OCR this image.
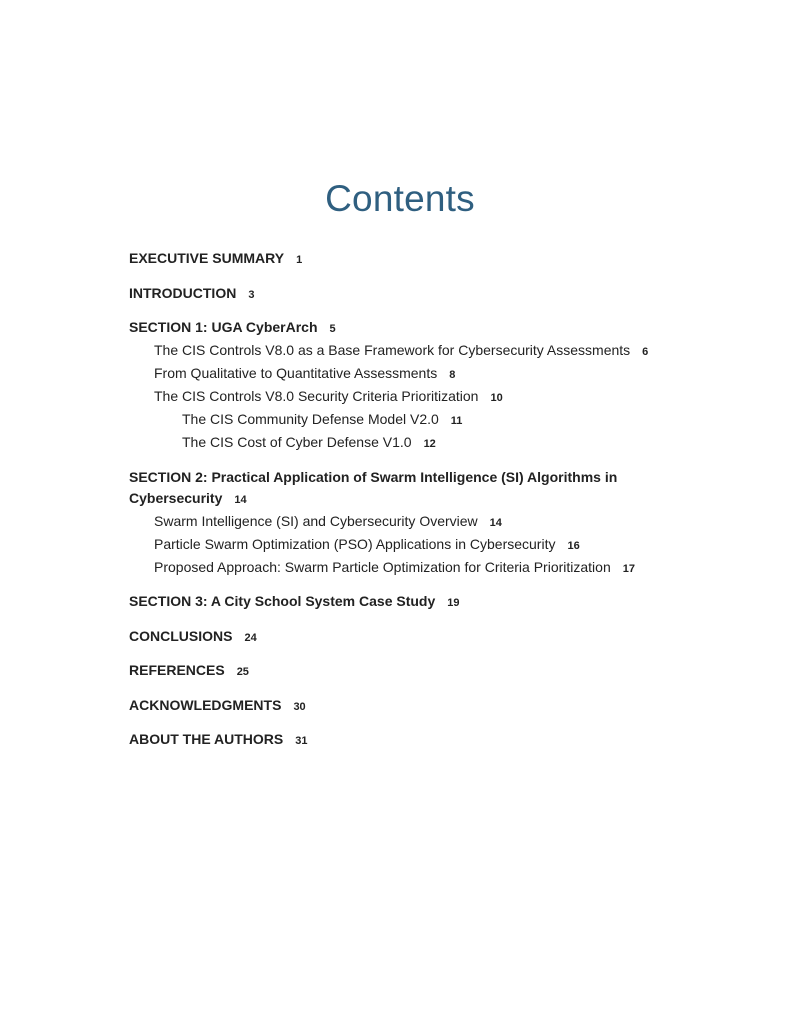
Contents
EXECUTIVE SUMMARY 1
INTRODUCTION 3
SECTION 1: UGA CyberArch 5
The CIS Controls V8.0 as a Base Framework for Cybersecurity Assessments 6
From Qualitative to Quantitative Assessments 8
The CIS Controls V8.0 Security Criteria Prioritization 10
The CIS Community Defense Model V2.0 11
The CIS Cost of Cyber Defense V1.0 12
SECTION 2: Practical Application of Swarm Intelligence (SI) Algorithms in Cybersecurity 14
Swarm Intelligence (SI) and Cybersecurity Overview 14
Particle Swarm Optimization (PSO) Applications in Cybersecurity 16
Proposed Approach: Swarm Particle Optimization for Criteria Prioritization 17
SECTION 3: A City School System Case Study 19
CONCLUSIONS 24
REFERENCES 25
ACKNOWLEDGMENTS 30
ABOUT THE AUTHORS 31
